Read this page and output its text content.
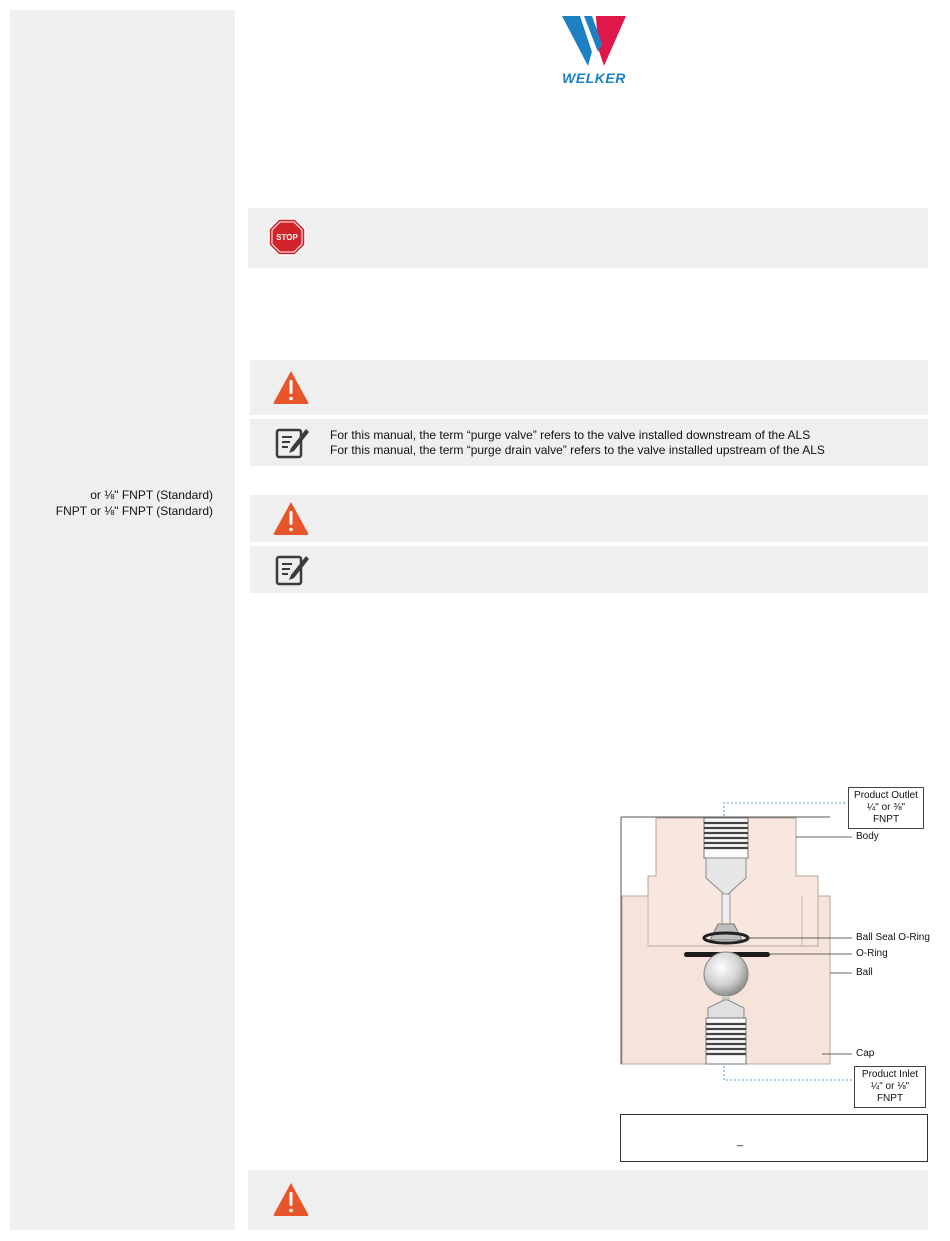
or ⅛" FNPT (Standard)
FNPT or ⅛" FNPT (Standard)
WELKER
STOP
For this manual, the term “purge valve” refers to the valve installed downstream of the ALS
For this manual, the term “purge drain valve” refers to the valve installed upstream of the ALS
Product Outlet
¼" or ⅜" FNPT
Body
Ball Seal O-Ring
O-Ring
Ball
Cap
Product Inlet
¼" or ⅛" FNPT
_
